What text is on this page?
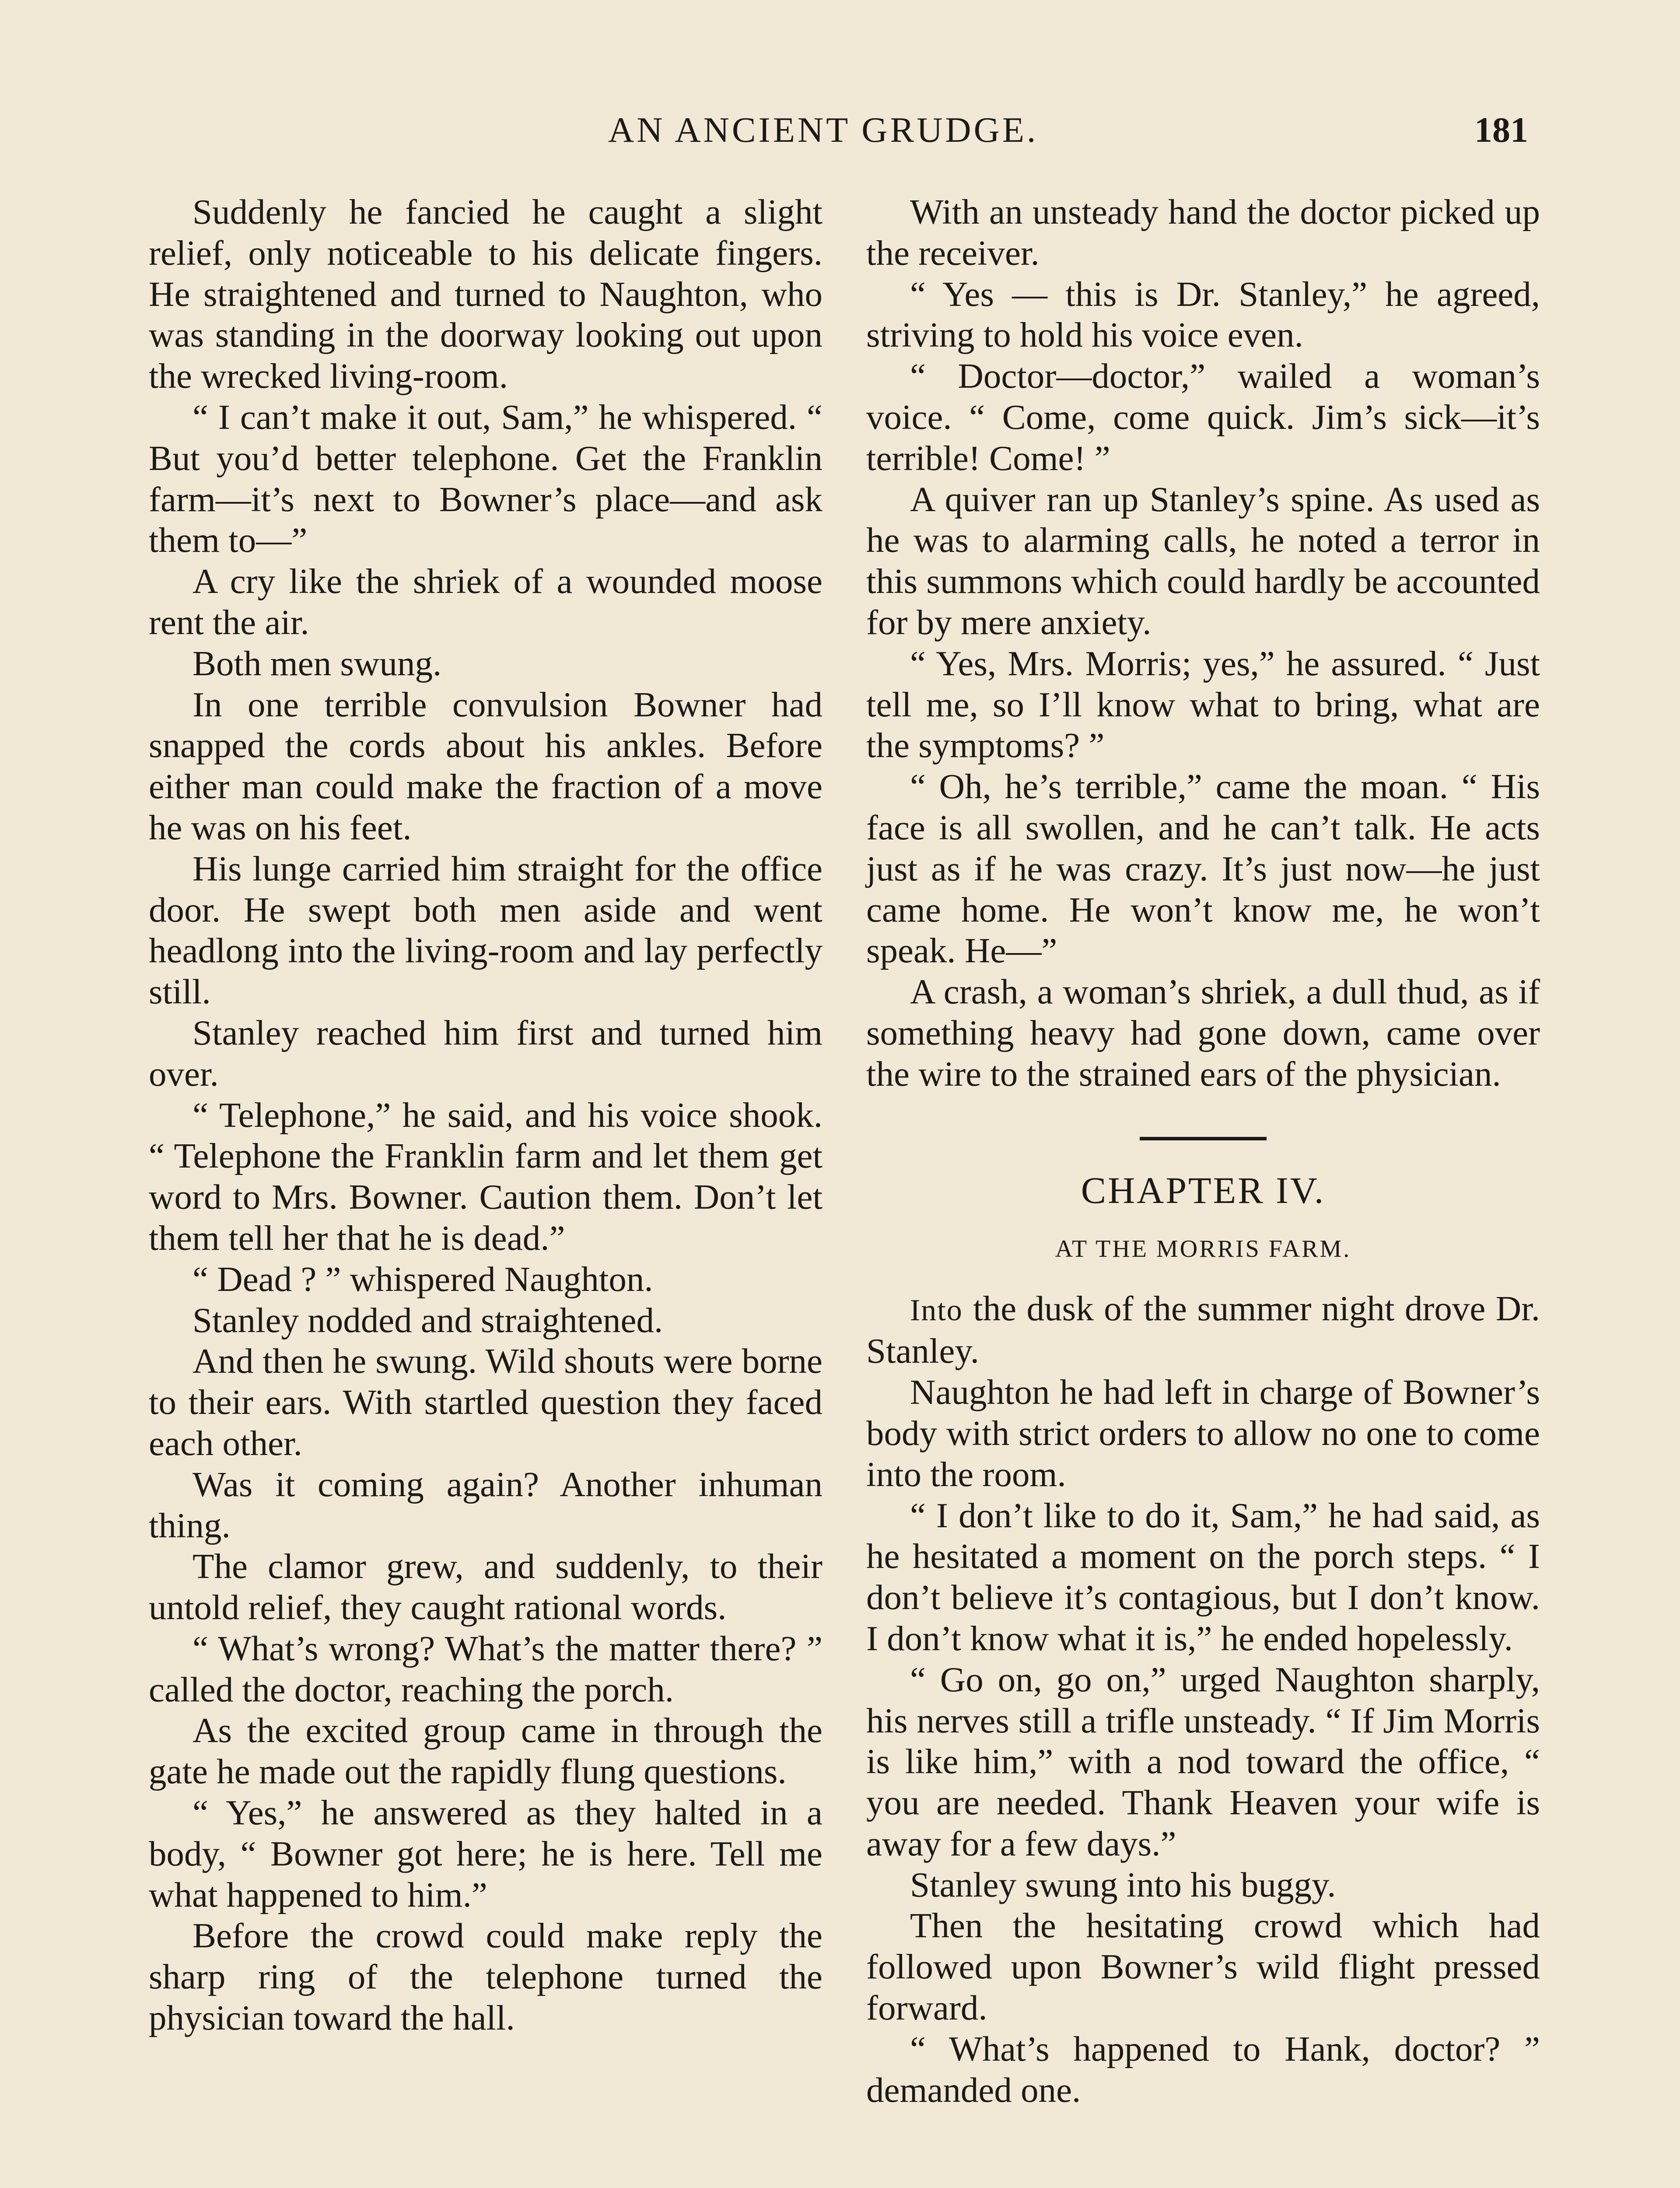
AN ANCIENT GRUDGE.	181

Suddenly he fancied he caught a slight relief, only noticeable to his delicate fingers. He straightened and turned to Naughton, who was standing in the doorway looking out upon the wrecked living-room.

“ I can’t make it out, Sam,” he whispered. “ But you’d better telephone. Get the Franklin farm—it’s next to Bowner’s place—and ask them to—”

A cry like the shriek of a wounded moose rent the air.

Both men swung.

In one terrible convulsion Bowner had snapped the cords about his ankles. Before either man could make the fraction of a move he was on his feet.

His lunge carried him straight for the office door. He swept both men aside and went headlong into the living-room and lay perfectly still.

Stanley reached him first and turned him over.

“ Telephone,” he said, and his voice shook. “ Telephone the Franklin farm and let them get word to Mrs. Bowner. Caution them. Don’t let them tell her that he is dead.”

“ Dead ? ” whispered Naughton.

Stanley nodded and straightened.

And then he swung. Wild shouts were borne to their ears. With startled question they faced each other.

Was it coming again? Another inhuman thing.

The clamor grew, and suddenly, to their untold relief, they caught rational words.

“ What’s wrong? What’s the matter there? ” called the doctor, reaching the porch.

As the excited group came in through the gate he made out the rapidly flung questions.

“ Yes,” he answered as they halted in a body, “ Bowner got here; he is here. Tell me what happened to him.”

Before the crowd could make reply the sharp ring of the telephone turned the physician toward the hall.

With an unsteady hand the doctor picked up the receiver.

“ Yes — this is Dr. Stanley,” he agreed, striving to hold his voice even.

“ Doctor—doctor,” wailed a woman’s voice. “ Come, come quick. Jim’s sick—it’s terrible! Come! ”

A quiver ran up Stanley’s spine. As used as he was to alarming calls, he noted a terror in this summons which could hardly be accounted for by mere anxiety.

“ Yes, Mrs. Morris; yes,” he assured. “ Just tell me, so I’ll know what to bring, what are the symptoms? ”

“ Oh, he’s terrible,” came the moan. “ His face is all swollen, and he can’t talk. He acts just as if he was crazy. It’s just now—he just came home. He won’t know me, he won’t speak. He—”

A crash, a woman’s shriek, a dull thud, as if something heavy had gone down, came over the wire to the strained ears of the physician.

CHAPTER IV.
AT THE MORRIS FARM.

Into the dusk of the summer night drove Dr. Stanley.

Naughton he had left in charge of Bowner’s body with strict orders to allow no one to come into the room.

“ I don’t like to do it, Sam,” he had said, as he hesitated a moment on the porch steps. “ I don’t believe it’s contagious, but I don’t know. I don’t know what it is,” he ended hopelessly.

“ Go on, go on,” urged Naughton sharply, his nerves still a trifle unsteady. “ If Jim Morris is like him,” with a nod toward the office, “ you are needed. Thank Heaven your wife is away for a few days.”

Stanley swung into his buggy.

Then the hesitating crowd which had followed upon Bowner’s wild flight pressed forward.

“ What’s happened to Hank, doctor? ” demanded one.
